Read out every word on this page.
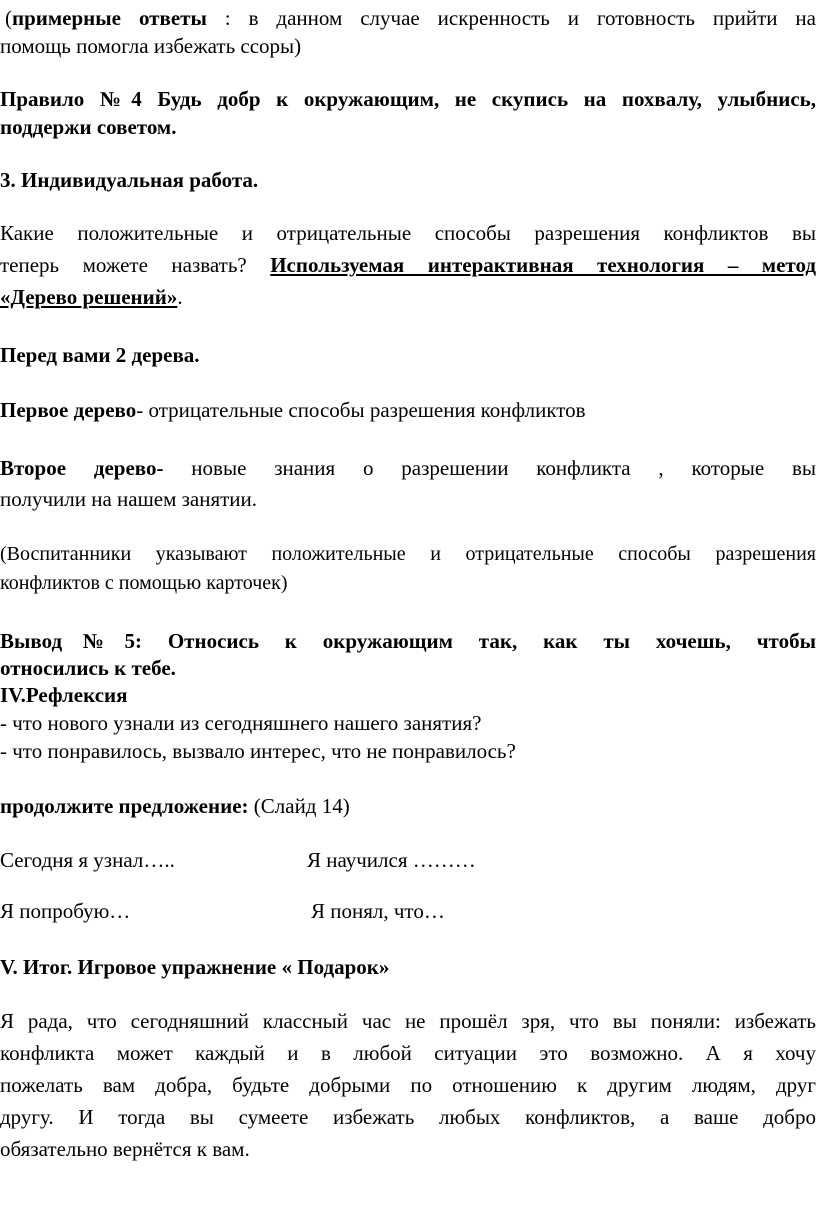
(примерные ответы : в данном случае искренность и готовность прийти на
помощь помогла избежать ссоры)
Правило №4 Будь добр к окружающим, не скупись на похвалу, улыбнись,
поддержи советом.
3. Индивидуальная работа.
Какие положительные и отрицательные способы разрешения конфликтов вы
теперь можете назвать? Используемая интерактивная технология – метод
«Дерево решений».
Перед вами 2 дерева.
Первое дерево- отрицательные способы разрешения конфликтов
Второе дерево- новые знания о разрешении конфликта , которые вы
получили на нашем занятии.
(Воспитанники указывают положительные и отрицательные способы разрешения
конфликтов с помощью карточек)
Вывод№5: Относись к окружающим так, как ты хочешь, чтобы
относились к тебе.
IV.Рефлексия
- что нового узнали из сегодняшнего нашего занятия?
- что понравилось, вызвало интерес, что не понравилось?
продолжите предложение: (Слайд 14)
Сегодня я узнал…..	Я научился ………
Я попробую…	Я понял, что…
V. Итог. Игровое упражнение « Подарок»
Я рада, что сегодняшний классный час не прошёл зря, что вы поняли: избежать
конфликта может каждый и в любой ситуации это возможно. А я хочу
пожелать вам добра, будьте добрыми по отношению к другим людям, друг
другу. И тогда вы сумеете избежать любых конфликтов, а ваше добро
обязательно вернётся к вам.
